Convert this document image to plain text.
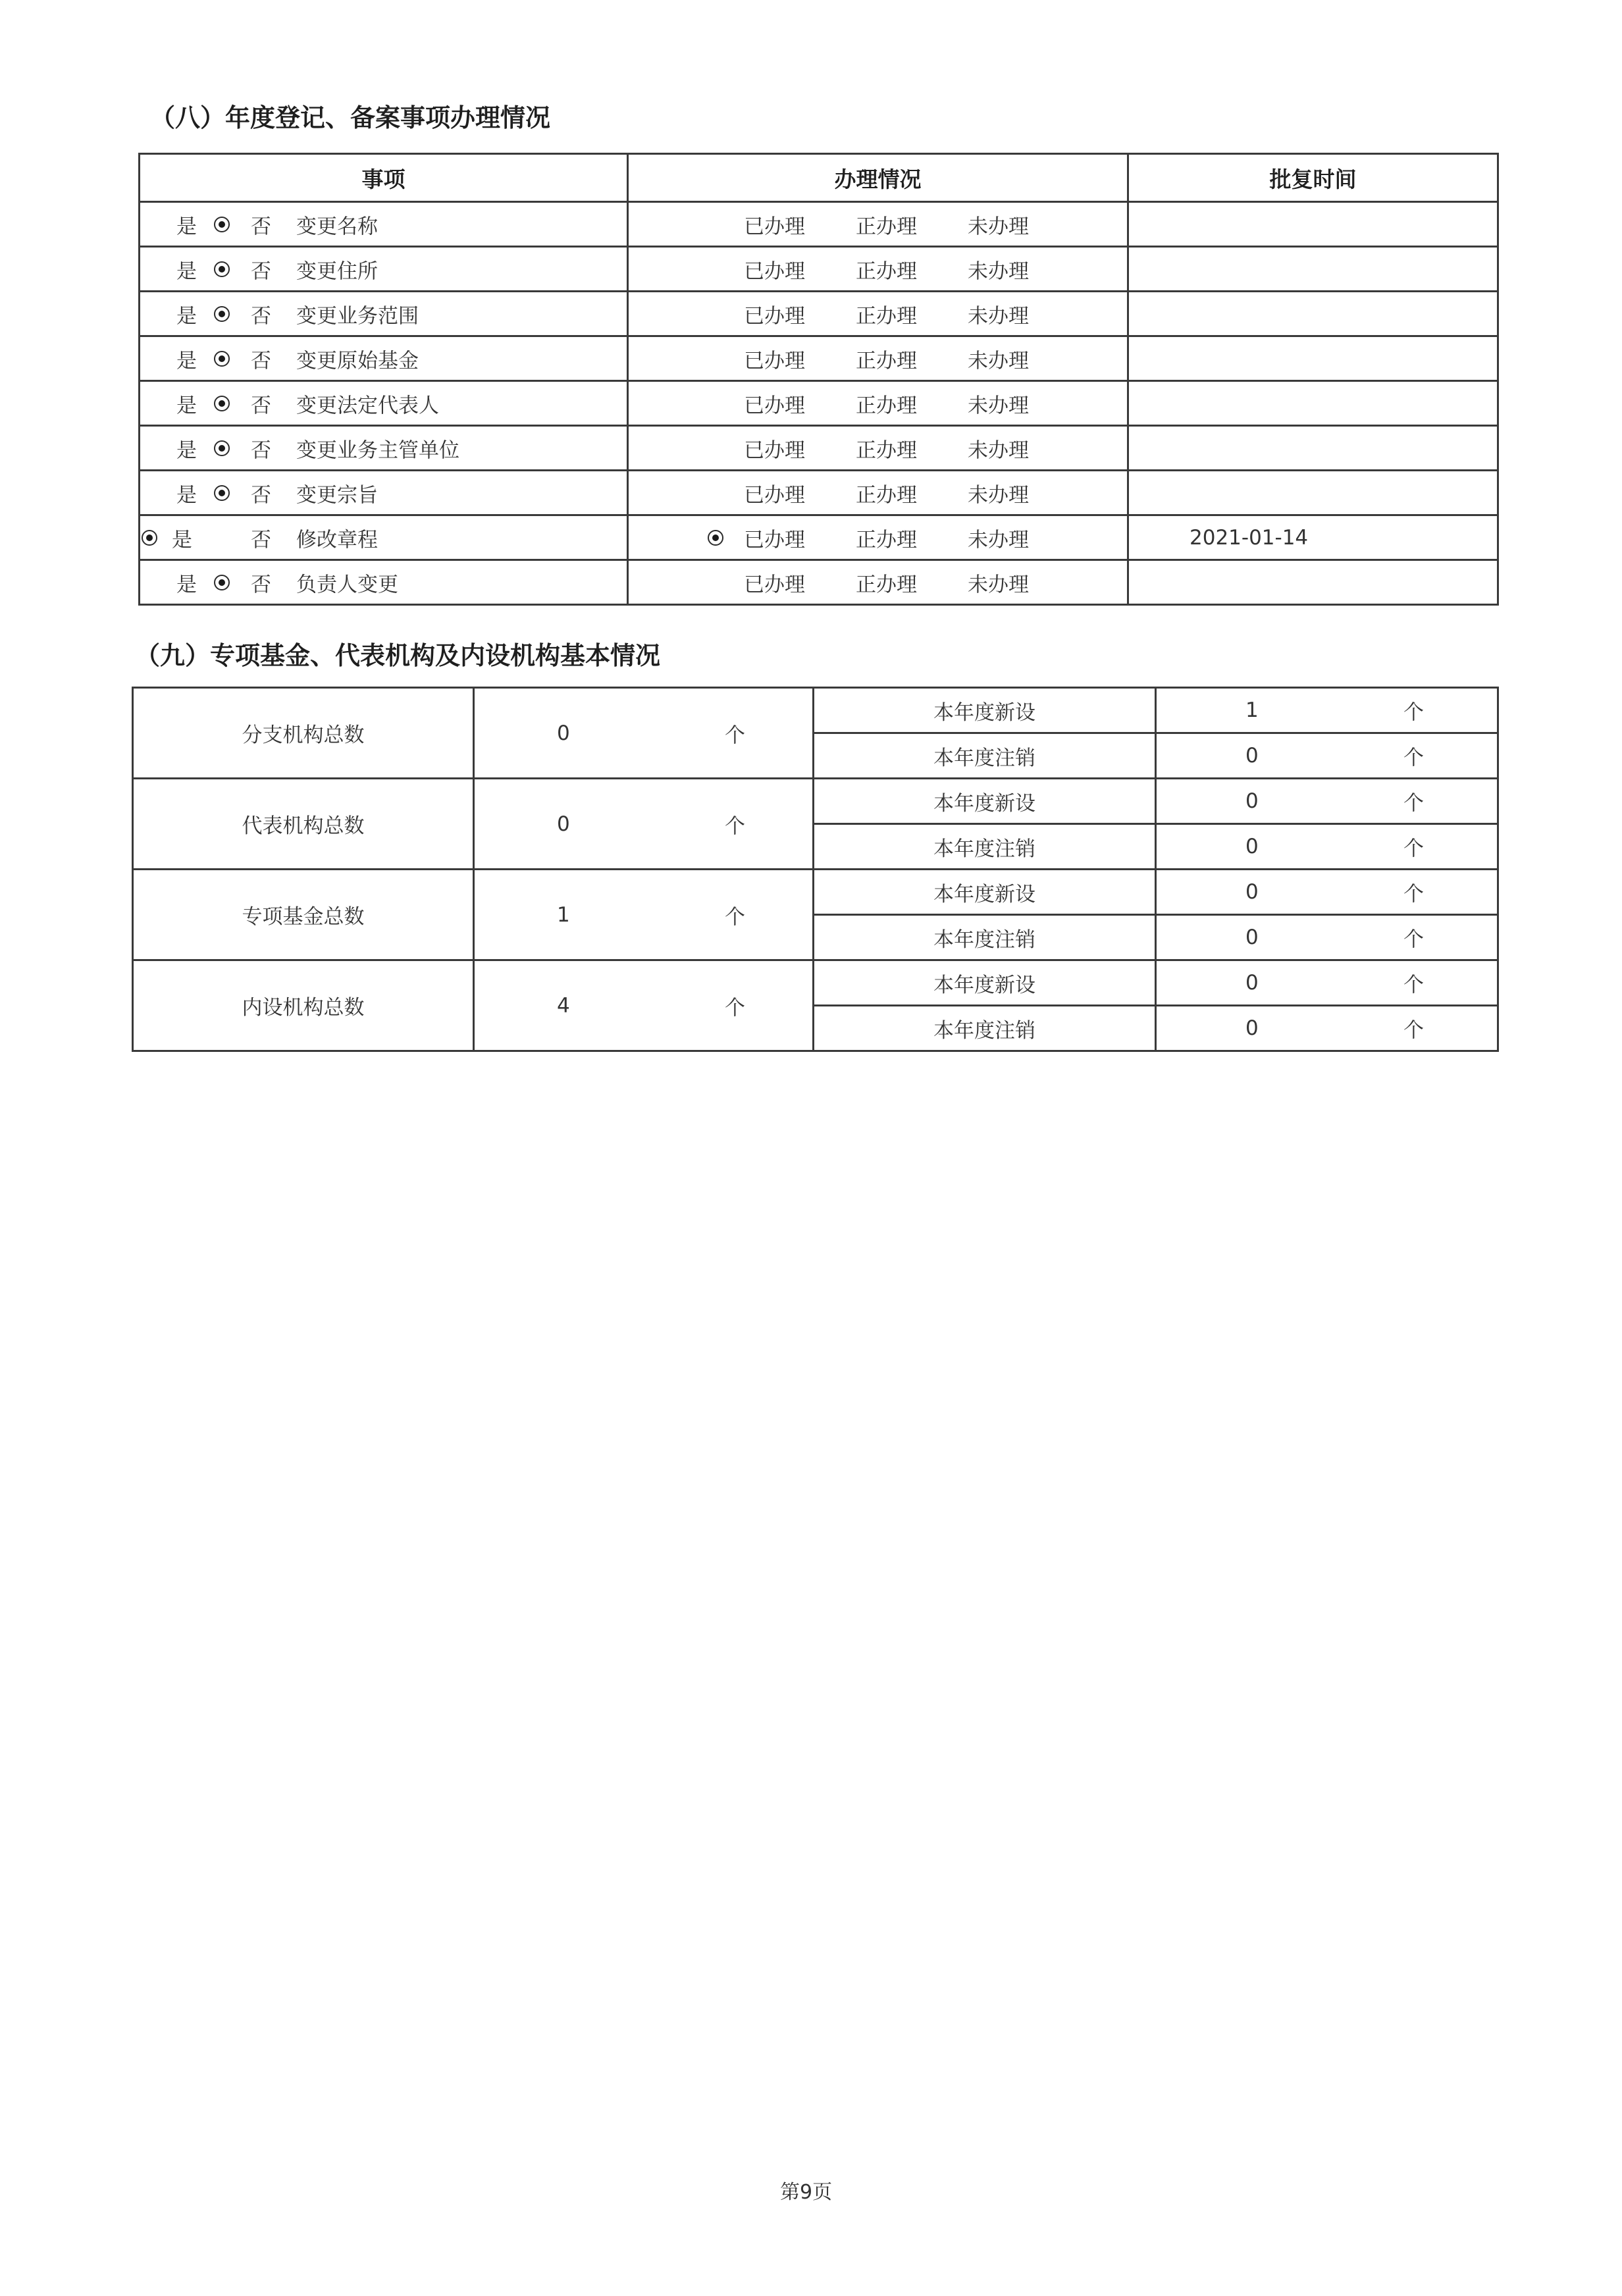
（八）年度登记、备案事项办理情况
事项	办理情况	批复时间

是 否 变更名称	已办理 正办理 未办理	

是 否 变更住所	已办理 正办理 未办理	

是 否 变更业务范围	已办理 正办理 未办理	

是 否 变更原始基金	已办理 正办理 未办理	

是 否 变更法定代表人	已办理 正办理 未办理	

是 否 变更业务主管单位	已办理 正办理 未办理	

是 否 变更宗旨	已办理 正办理 未办理	

是 否 修改章程	已办理 正办理 未办理	2021-01-14

是 否 负责人变更	已办理 正办理 未办理	

（九）专项基金、代表机构及内设机构基本情况
分支机构总数	0 个	本年度新设	1 个

		本年度注销	0 个

代表机构总数	0 个	本年度新设	0 个

		本年度注销	0 个

专项基金总数	1 个	本年度新设	0 个

		本年度注销	0 个

内设机构总数	4 个	本年度新设	0 个

		本年度注销	0 个
第9页
